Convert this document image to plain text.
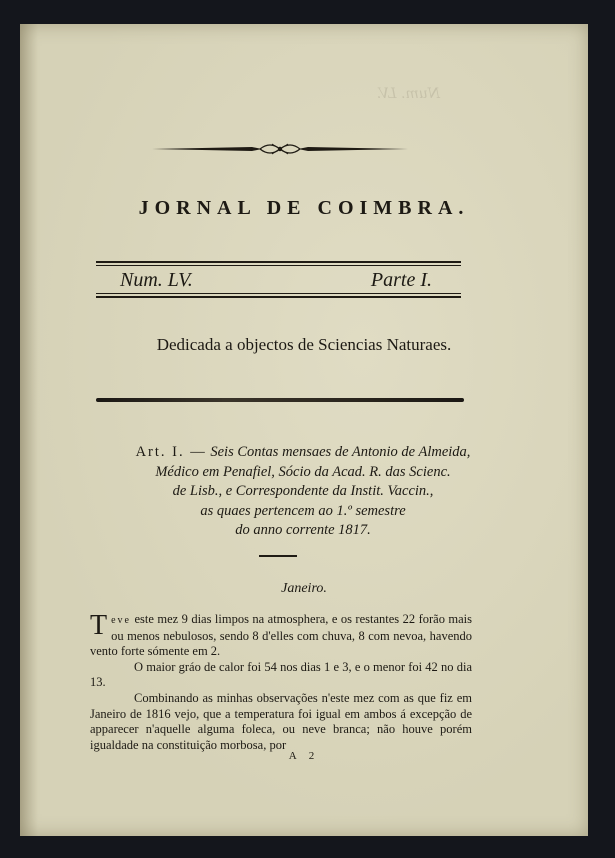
Num. LV.
JORNAL DE COIMBRA.
Num. LV.	Parte I.
Dedicada a objectos de Sciencias Naturaes.
Art. I. — Seis Contas mensaes de Antonio de Almeida,
Médico em Penafiel, Sócio da Acad. R. das Scienc.
de Lisb., e Correspondente da Instit. Vaccin.,
as quaes pertencem ao 1.º semestre
do anno corrente 1817.
Janeiro.

Teve este mez 9 dias limpos na atmosphera, e os restantes 22 forão mais ou menos nebulosos, sendo 8 d'elles com chuva, 8 com nevoa, havendo vento forte sómente em 2.

O maior gráo de calor foi 54 nos dias 1 e 3, e o menor foi 42 no dia 13.

Combinando as minhas observações n'este mez com as que fiz em Janeiro de 1816 vejo, que a temperatura foi igual em ambos á excepção de apparecer n'aquelle alguma foleca, ou neve branca; não houve porém igualdade na constituição morbosa, por

A 2
